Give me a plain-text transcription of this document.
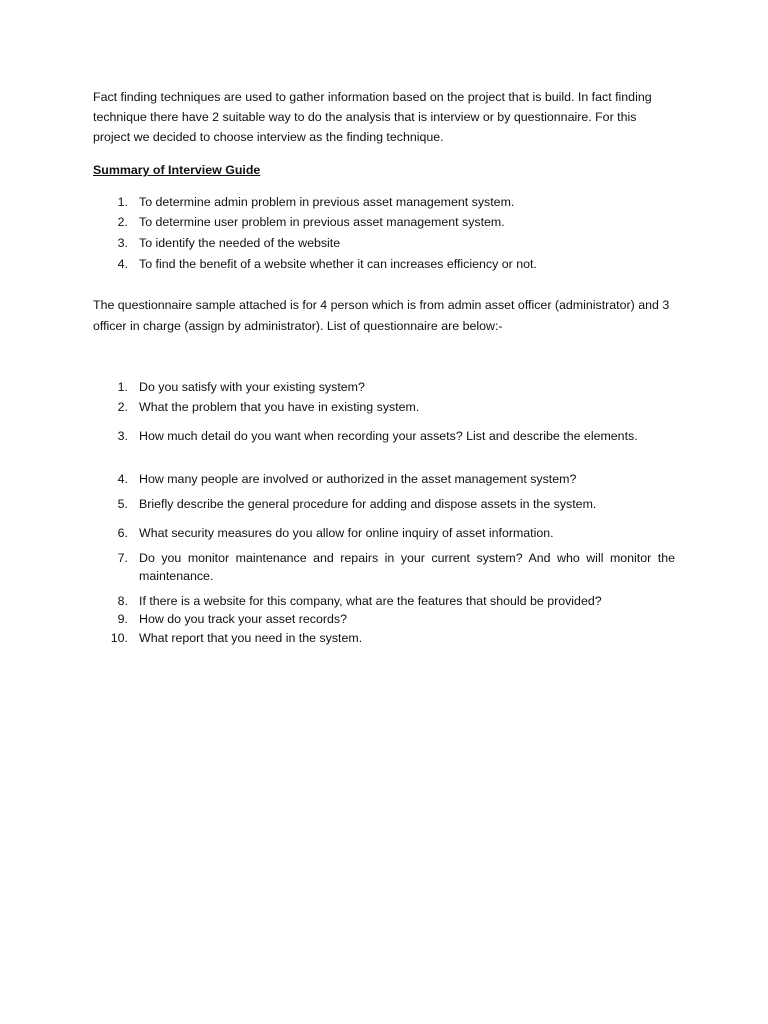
Fact finding techniques are used to gather information based on the project that is build. In fact finding technique there have 2 suitable way to do the analysis that is interview or by questionnaire. For this project we decided to choose interview as the finding technique.

Summary of Interview Guide
1. To determine admin problem in previous asset management system.
2. To determine user problem in previous asset management system.
3. To identify the needed of the website
4. To find the benefit of a website whether it can increases efficiency or not.

The questionnaire sample attached is for 4 person which is from admin asset officer (administrator) and 3 officer in charge (assign by administrator). List of questionnaire are below:-

1. Do you satisfy with your existing system?
2. What the problem that you have in existing system.
3. How much detail do you want when recording your assets? List and describe the elements.
4. How many people are involved or authorized in the asset management system?
5. Briefly describe the general procedure for adding and dispose assets in the system.
6. What security measures do you allow for online inquiry of asset information.
7. Do you monitor maintenance and repairs in your current system? And who will monitor the maintenance.
8. If there is a website for this company, what are the features that should be provided?
9. How do you track your asset records?
10. What report that you need in the system.
